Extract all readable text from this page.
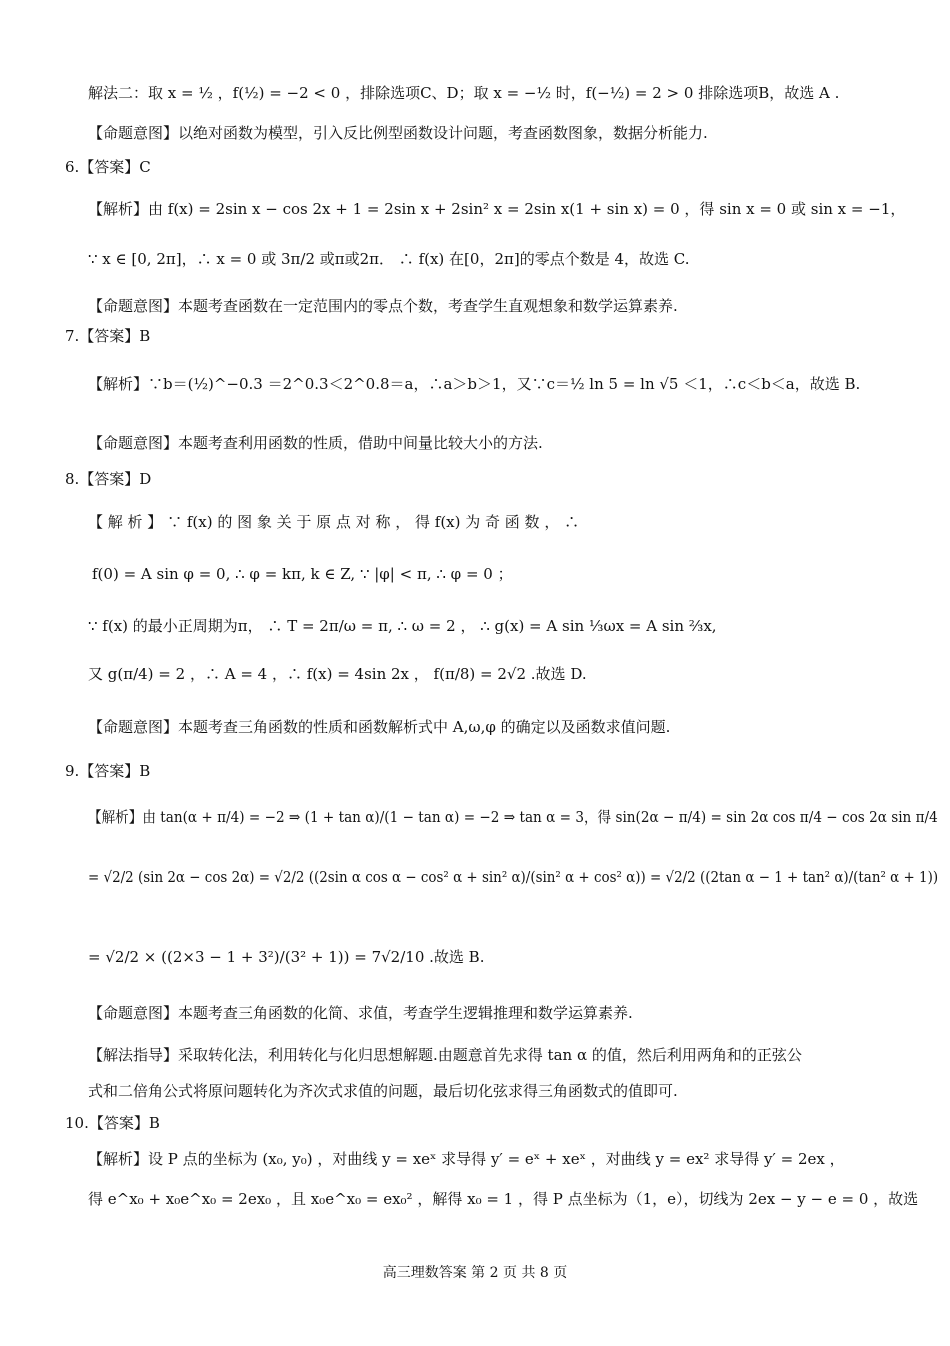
解法二：取 x = ½ ，f(½) = −2 < 0 ，排除选项C、D；取 x = −½ 时，f(−½) = 2 > 0 排除选项B，故选 A .
【命题意图】以绝对函数为模型，引入反比例型函数设计问题，考查函数图象，数据分析能力.
6.【答案】C
【解析】由 f(x) = 2sin x − cos 2x + 1 = 2sin x + 2sin² x = 2sin x(1 + sin x) = 0 ，得 sin x = 0 或 sin x = −1，
∵ x ∈ [0, 2π]，∴ x = 0 或 3π/2 或π或2π． ∴ f(x) 在[0，2π]的零点个数是 4，故选 C.
【命题意图】本题考查函数在一定范围内的零点个数，考查学生直观想象和数学运算素养.
7.【答案】B
【解析】∵b＝(½)^−0.3 ＝2^0.3＜2^0.8＝a，∴a＞b＞1，又∵c＝½ ln 5 = ln √5 ＜1，∴c＜b＜a，故选 B.
【命题意图】本题考查利用函数的性质，借助中间量比较大小的方法.
8.【答案】D
【 解 析 】 ∵ f(x) 的 图 象 关 于 原 点 对 称 ， 得 f(x) 为 奇 函 数 ， ∴
f(0) = A sin φ = 0, ∴ φ = kπ, k ∈ Z, ∵ |φ| < π, ∴ φ = 0 ；
∵ f(x) 的最小正周期为π， ∴ T = 2π/ω = π, ∴ ω = 2 ， ∴ g(x) = A sin ⅓ωx = A sin ⅔x,
又 g(π/4) = 2 ，∴ A = 4 ，∴ f(x) = 4sin 2x ， f(π/8) = 2√2 .故选 D.
【命题意图】本题考查三角函数的性质和函数解析式中 A,ω,φ 的确定以及函数求值问题.
9.【答案】B
【解析】由 tan(α + π/4) = −2 ⇒ (1 + tan α)/(1 − tan α) = −2 ⇒ tan α = 3，得 sin(2α − π/4) = sin 2α cos π/4 − cos 2α sin π/4
= √2/2 (sin 2α − cos 2α) = √2/2 ((2sin α cos α − cos² α + sin² α)/(sin² α + cos² α)) = √2/2 ((2tan α − 1 + tan² α)/(tan² α + 1))
= √2/2 × ((2×3 − 1 + 3²)/(3² + 1)) = 7√2/10 .故选 B.
【命题意图】本题考查三角函数的化简、求值，考查学生逻辑推理和数学运算素养.
【解法指导】采取转化法，利用转化与化归思想解题.由题意首先求得 tan α 的值，然后利用两角和的正弦公
式和二倍角公式将原问题转化为齐次式求值的问题，最后切化弦求得三角函数式的值即可.
10.【答案】B
【解析】设 P 点的坐标为 (x₀, y₀) ，对曲线 y = xeˣ 求导得 y′ = eˣ + xeˣ ，对曲线 y = ex² 求导得 y′ = 2ex ，
得 e^x₀ + x₀e^x₀ = 2ex₀ ，且 x₀e^x₀ = ex₀² ，解得 x₀ = 1 ，得 P 点坐标为（1，e），切线为 2ex − y − e = 0 ，故选
高三理数答案 第 2 页 共 8 页
